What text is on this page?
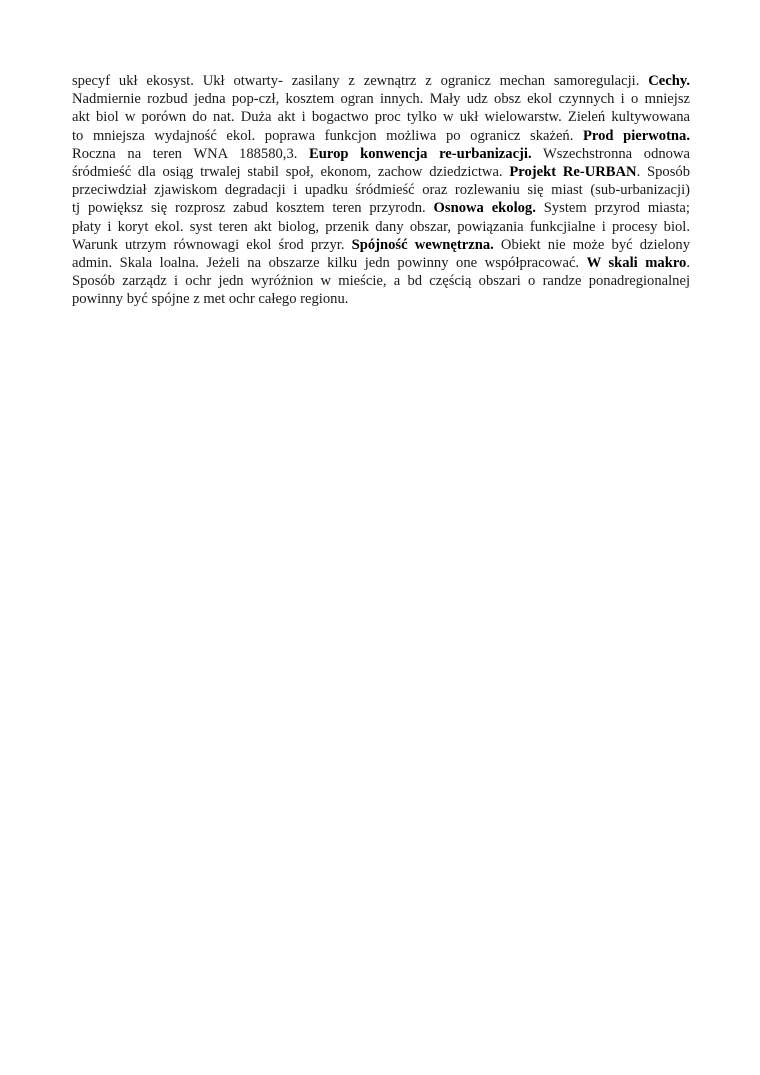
specyf ukł ekosyst. Ukł otwarty- zasilany z zewnątrz z ogranicz mechan samoregulacji. Cechy.
Nadmiernie rozbud jedna pop-czł, kosztem ogran innych. Mały udz obsz ekol czynnych i o mniejsz
akt biol w porówn do nat. Duża akt i bogactwo proc tylko w ukł wielowarstw. Zieleń kultywowana
to mniejsza wydajność ekol. poprawa funkcjon możliwa po ogranicz skażeń. Prod pierwotna.
Roczna na teren WNA 188580,3. Europ konwencja re-urbanizacji. Wszechstronna odnowa
śródmieść dla osiąg trwalej stabil społ, ekonom, zachow dziedzictwa. Projekt Re-URBAN. Sposób
przeciwdział zjawiskom degradacji i upadku śródmieść oraz rozlewaniu się miast (sub-urbanizacji)
tj powiększ się rozprosz zabud kosztem teren przyrodn. Osnowa ekolog. System przyrod miasta;
płaty i koryt ekol. syst teren akt biolog, przenik dany obszar, powiązania funkcjialne i procesy biol.
Warunk utrzym równowagi ekol środ przyr. Spójność wewnętrzna. Obiekt nie może być dzielony
admin. Skala loalna. Jeżeli na obszarze kilku jedn powinny one współpracować. W skali makro.
Sposób zarządz i ochr jedn wyróżnion w mieście, a bd częścią obszari o randze ponadregionalnej
powinny być spójne z met ochr całego regionu.
